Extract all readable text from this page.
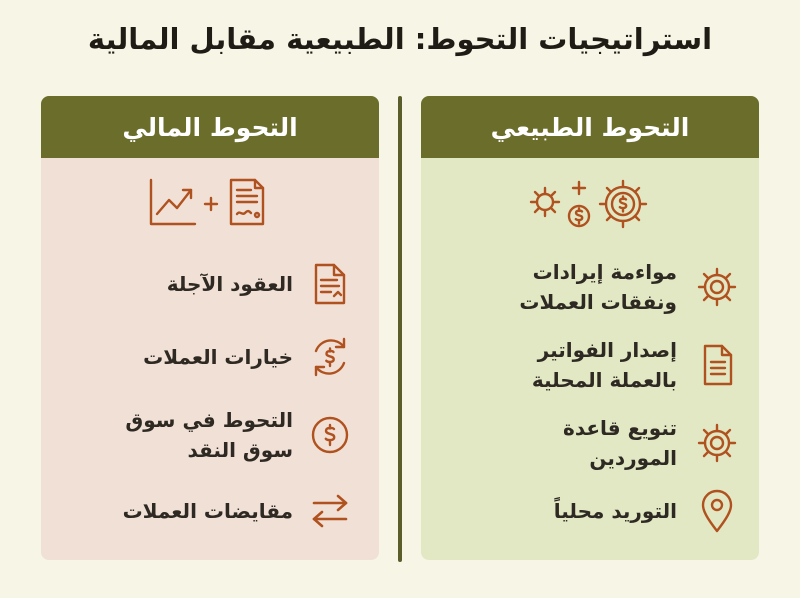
استراتيجيات التحوط: الطبيعية مقابل المالية
التحوط الطبيعي
مواءمة إيرادات
ونفقات العملات
إصدار الفواتير
بالعملة المحلية
تنويع قاعدة
الموردين
التوريد محلياً
التحوط المالي
العقود الآجلة
خيارات العملات
التحوط في سوق
سوق النقد
مقايضات العملات
